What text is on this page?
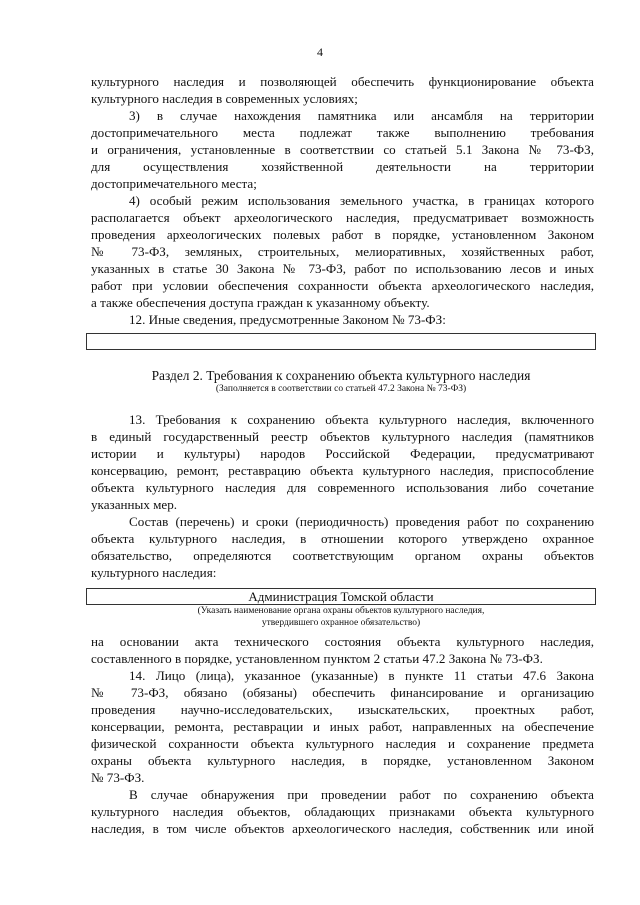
4
культурного наследия и позволяющей обеспечить функционирование объекта
культурного наследия в современных условиях;
3) в случае нахождения памятника или ансамбля на территории
достопримечательного места подлежат также выполнению требования
и ограничения, установленные в соответствии со статьей 5.1 Закона № 73-ФЗ,
для осуществления хозяйственной деятельности на территории
достопримечательного места;
4) особый режим использования земельного участка, в границах которого
располагается объект археологического наследия, предусматривает возможность
проведения археологических полевых работ в порядке, установленном Законом
№ 73-ФЗ, земляных, строительных, мелиоративных, хозяйственных работ,
указанных в статье 30 Закона № 73-ФЗ, работ по использованию лесов и иных
работ при условии обеспечения сохранности объекта археологического наследия,
а также обеспечения доступа граждан к указанному объекту.
12. Иные сведения, предусмотренные Законом № 73-ФЗ:
Раздел 2. Требования к сохранению объекта культурного наследия
(Заполняется в соответствии со статьей 47.2 Закона № 73-ФЗ)
13. Требования к сохранению объекта культурного наследия, включенного
в единый государственный реестр объектов культурного наследия (памятников
истории и культуры) народов Российской Федерации, предусматривают
консервацию, ремонт, реставрацию объекта культурного наследия, приспособление
объекта культурного наследия для современного использования либо сочетание
указанных мер.
Состав (перечень) и сроки (периодичность) проведения работ по сохранению
объекта культурного наследия, в отношении которого утверждено охранное
обязательство, определяются соответствующим органом охраны объектов
культурного наследия:
Администрация Томской области
(Указать наименование органа охраны объектов культурного наследия,
утвердившего охранное обязательство)
на основании акта технического состояния объекта культурного наследия,
составленного в порядке, установленном пунктом 2 статьи 47.2 Закона № 73-ФЗ.
14. Лицо (лица), указанное (указанные) в пункте 11 статьи 47.6 Закона
№ 73-ФЗ, обязано (обязаны) обеспечить финансирование и организацию
проведения научно-исследовательских, изыскательских, проектных работ,
консервации, ремонта, реставрации и иных работ, направленных на обеспечение
физической сохранности объекта культурного наследия и сохранение предмета
охраны объекта культурного наследия, в порядке, установленном Законом
№ 73-ФЗ.
В случае обнаружения при проведении работ по сохранению объекта
культурного наследия объектов, обладающих признаками объекта культурного
наследия, в том числе объектов археологического наследия, собственник или иной
